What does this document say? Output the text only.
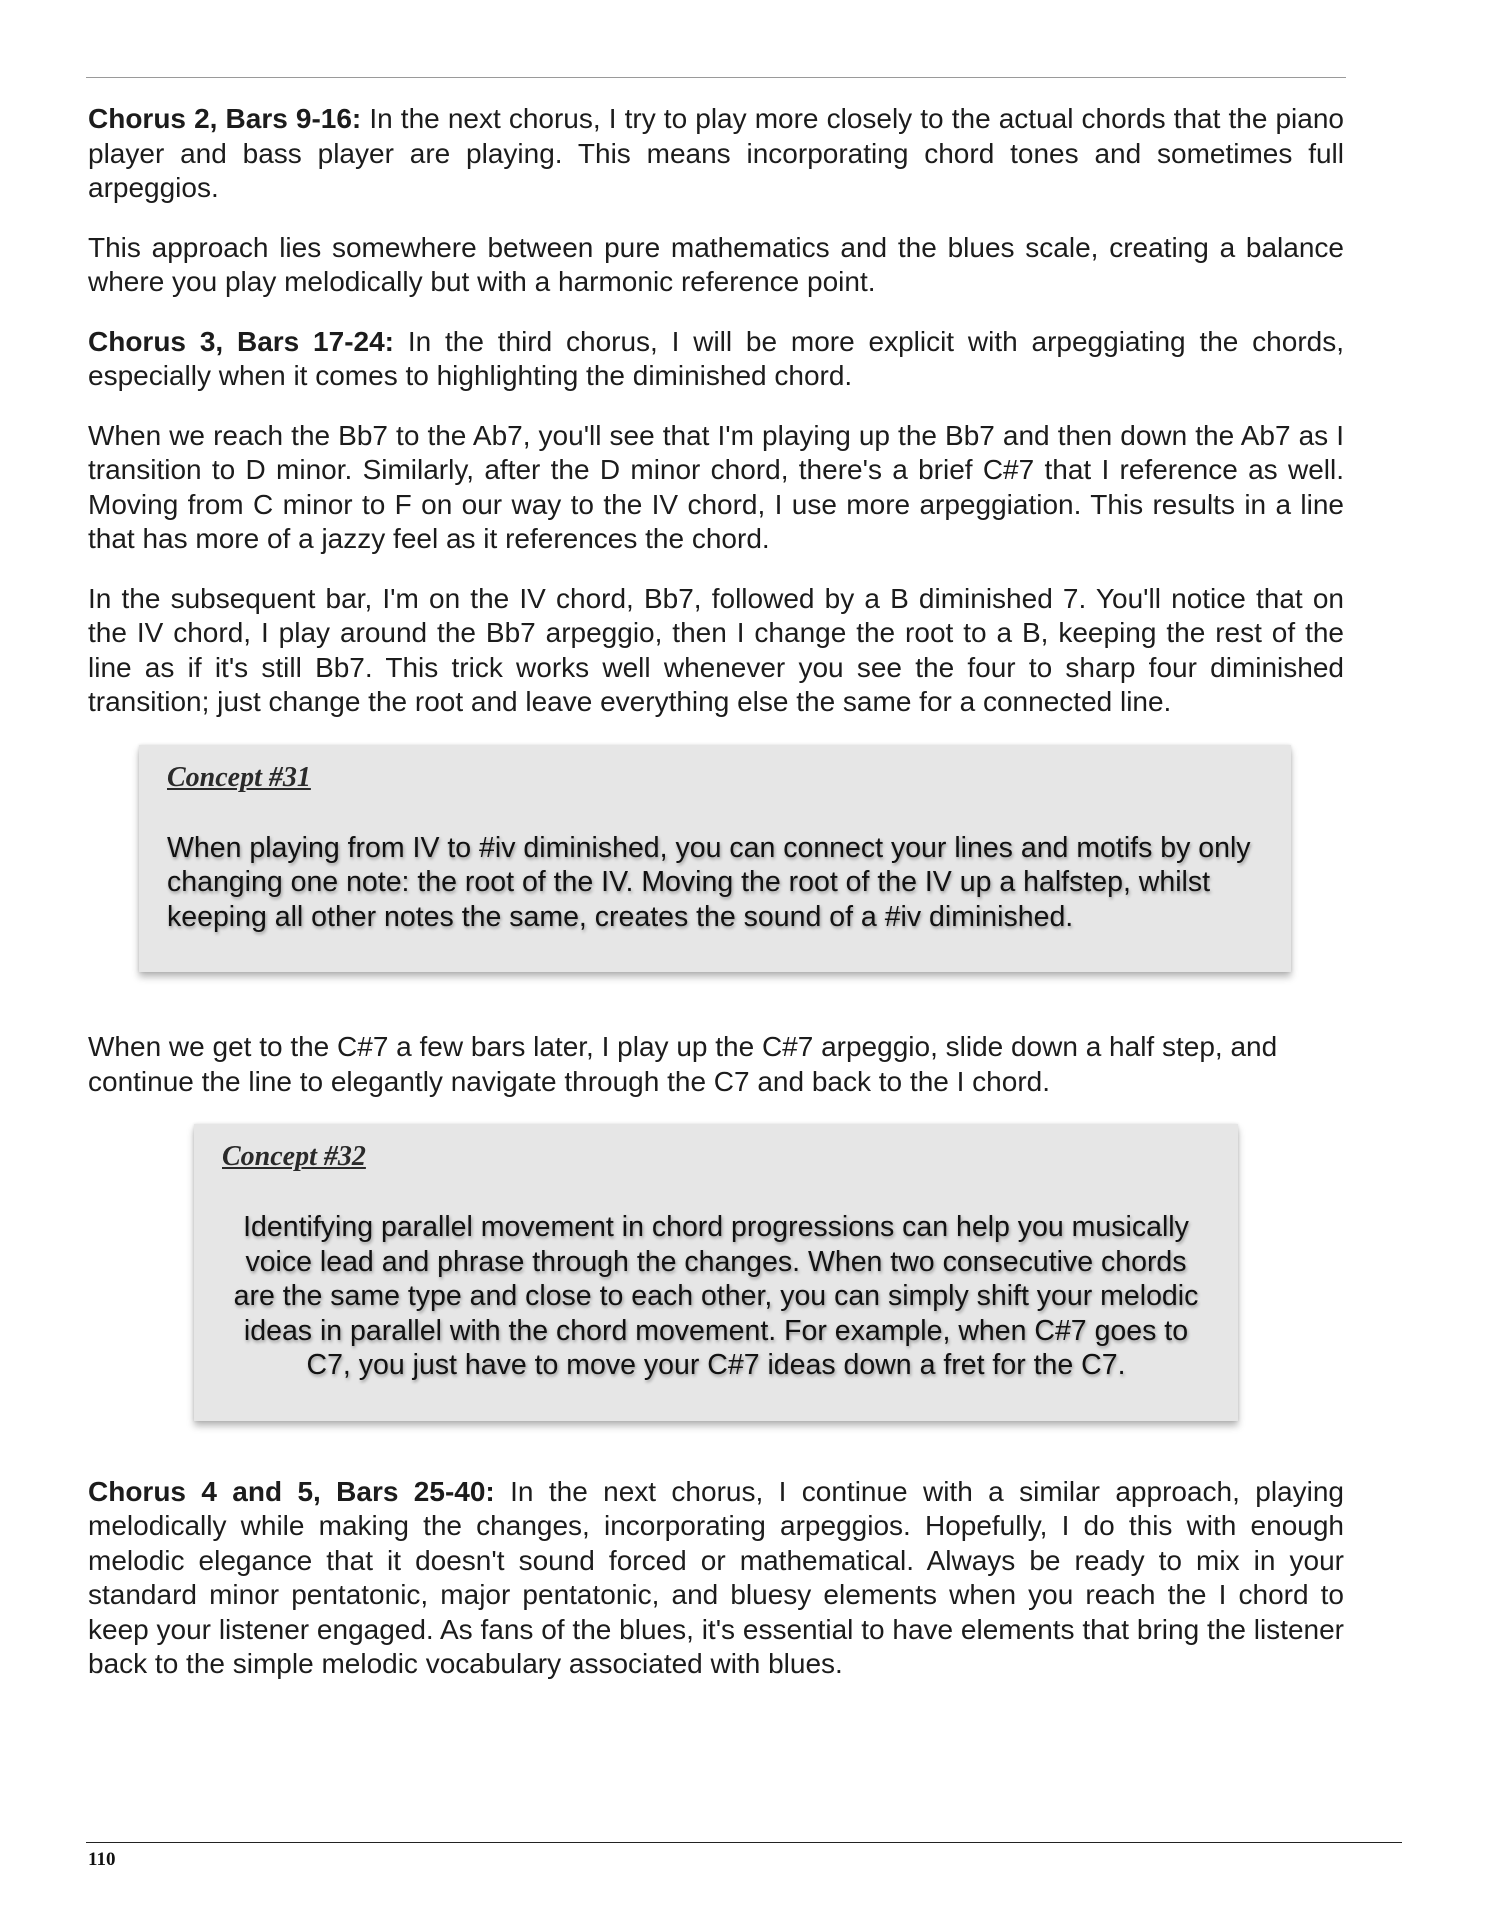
Chorus 2, Bars 9-16: In the next chorus, I try to play more closely to the actual chords that the piano player and bass player are playing. This means incorporating chord tones and sometimes full arpeggios.

This approach lies somewhere between pure mathematics and the blues scale, creating a balance where you play melodically but with a harmonic reference point.

Chorus 3, Bars 17-24: In the third chorus, I will be more explicit with arpeggiating the chords, especially when it comes to highlighting the diminished chord.

When we reach the Bb7 to the Ab7, you'll see that I'm playing up the Bb7 and then down the Ab7 as I transition to D minor. Similarly, after the D minor chord, there's a brief C#7 that I reference as well. Moving from C minor to F on our way to the IV chord, I use more arpeggiation. This results in a line that has more of a jazzy feel as it references the chord.

In the subsequent bar, I'm on the IV chord, Bb7, followed by a B diminished 7. You'll notice that on the IV chord, I play around the Bb7 arpeggio, then I change the root to a B, keeping the rest of the line as if it's still Bb7. This trick works well whenever you see the four to sharp four diminished transition; just change the root and leave everything else the same for a connected line.

Concept #31

When playing from IV to #iv diminished, you can connect your lines and motifs by only changing one note: the root of the IV. Moving the root of the IV up a halfstep, whilst keeping all other notes the same, creates the sound of a #iv diminished.

When we get to the C#7 a few bars later, I play up the C#7 arpeggio, slide down a half step, and continue the line to elegantly navigate through the C7 and back to the I chord.

Concept #32

Identifying parallel movement in chord progressions can help you musically voice lead and phrase through the changes. When two consecutive chords are the same type and close to each other, you can simply shift your melodic ideas in parallel with the chord movement. For example, when C#7 goes to C7, you just have to move your C#7 ideas down a fret for the C7.

Chorus 4 and 5, Bars 25-40: In the next chorus, I continue with a similar approach, playing melodically while making the changes, incorporating arpeggios. Hopefully, I do this with enough melodic elegance that it doesn't sound forced or mathematical. Always be ready to mix in your standard minor pentatonic, major pentatonic, and bluesy elements when you reach the I chord to keep your listener engaged. As fans of the blues, it's essential to have elements that bring the listener back to the simple melodic vocabulary associated with blues.

110
